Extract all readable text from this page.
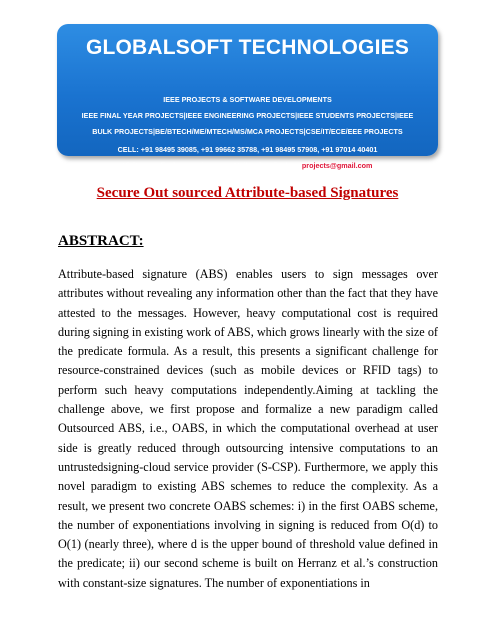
GLOBALSOFT TECHNOLOGIES
IEEE PROJECTS & SOFTWARE DEVELOPMENTS
IEEE FINAL YEAR PROJECTS|IEEE ENGINEERING PROJECTS|IEEE STUDENTS PROJECTS|IEEE
BULK PROJECTS|BE/BTECH/ME/MTECH/MS/MCA PROJECTS|CSE/IT/ECE/EEE PROJECTS
CELL: +91 98495 39085, +91 99662 35788, +91 98495 57908, +91 97014 40401
Visit: www.finalyearprojects.org Mail to:ieeefinalsemprojects@gmail.com
Secure Out sourced Attribute-based Signatures
ABSTRACT:

Attribute-based signature (ABS) enables users to sign messages over attributes without revealing any information other than the fact that they have attested to the messages. However, heavy computational cost is required during signing in existing work of ABS, which grows linearly with the size of the predicate formula. As a result, this presents a significant challenge for resource-constrained devices (such as mobile devices or RFID tags) to perform such heavy computations independently.Aiming at tackling the challenge above, we first propose and formalize a new paradigm called Outsourced ABS, i.e., OABS, in which the computational overhead at user side is greatly reduced through outsourcing intensive computations to an untrustedsigning-cloud service provider (S-CSP). Furthermore, we apply this novel paradigm to existing ABS schemes to reduce the complexity. As a result, we present two concrete OABS schemes: i) in the first OABS scheme, the number of exponentiations involving in signing is reduced from O(d) to O(1) (nearly three), where d is the upper bound of threshold value defined in the predicate; ii) our second scheme is built on Herranz et al.’s construction with constant-size signatures. The number of exponentiations in
